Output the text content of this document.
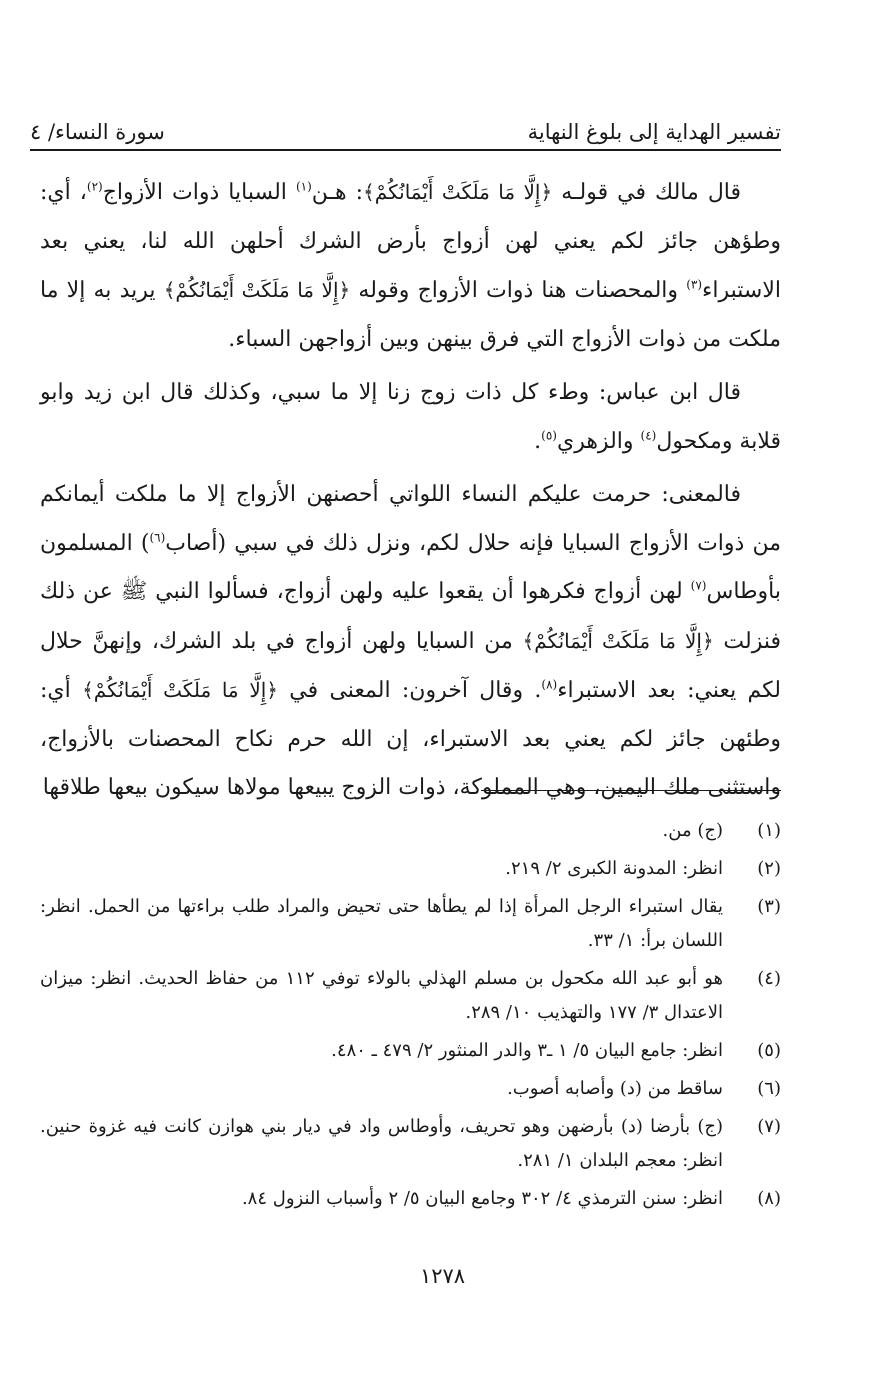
تفسير الهداية إلى بلوغ النهاية
سورة النساء/ ٤

قال مالك في قولـه ﴿إِلَّا مَا مَلَكَتْ أَيْمَانُكُمْ﴾: هـن$^{(١)}$ السبايا ذوات الأزواج$^{(٢)}$، أي: وطؤهن جائز لكم يعني لهن أزواج بأرض الشرك أحلهن الله لنا، يعني بعد الاستبراء$^{(٣)}$ والمحصنات هنا ذوات الأزواج وقوله ﴿إِلَّا مَا مَلَكَتْ أَيْمَانُكُمْ﴾ يريد به إلا ما ملكت من ذوات الأزواج التي فرق بينهن وبين أزواجهن السباء.

قال ابن عباس: وطء كل ذات زوج زنا إلا ما سبي، وكذلك قال ابن زيد وابو قلابة ومكحول$^{(٤)}$ والزهري$^{(٥)}$.

فالمعنى: حرمت عليكم النساء اللواتي أحصنهن الأزواج إلا ما ملكت أيمانكم من ذوات الأزواج السبايا فإنه حلال لكم، ونزل ذلك في سبي (أصاب$^{(٦)}$) المسلمون بأوطاس$^{(٧)}$ لهن أزواج فكرهوا أن يقعوا عليه ولهن أزواج، فسألوا النبي ﷺ عن ذلك فنزلت ﴿إِلَّا مَا مَلَكَتْ أَيْمَانُكُمْ﴾ من السبايا ولهن أزواج في بلد الشرك، وإنهنَّ حلال لكم يعني: بعد الاستبراء$^{(٨)}$. وقال آخرون: المعنى في ﴿إِلَّا مَا مَلَكَتْ أَيْمَانُكُمْ﴾ أي: وطئهن جائز لكم يعني بعد الاستبراء، إن الله حرم نكاح المحصنات بالأزواج، واستثنى ملك اليمين، وهي المملوكة، ذوات الزوج يبيعها مولاها سيكون بيعها طلاقها

(١)
(ج) من.
(٢)
انظر: المدونة الكبرى ٢/ ٢١٩.
(٣)
يقال استبراء الرجل المرأة إذا لم يطأها حتى تحيض والمراد طلب براءتها من الحمل. انظر: اللسان برأ: ١/ ٣٣.
(٤)
هو أبو عبد الله مكحول بن مسلم الهذلي بالولاء توفي ١١٢ من حفاظ الحديث. انظر: ميزان الاعتدال ٣/ ١٧٧ والتهذيب ١٠/ ٢٨٩.
(٥)
انظر: جامع البيان ٥/ ١ ـ٣ والدر المنثور ٢/ ٤٧٩ ـ ٤٨٠.
(٦)
ساقط من (د) وأصابه أصوب.
(٧)
(ج) بأرضا (د) بأرضهن وهو تحريف، وأوطاس واد في ديار بني هوازن كانت فيه غزوة حنين. انظر: معجم البلدان ١/ ٢٨١.
(٨)
انظر: سنن الترمذي ٤/ ٣٠٢ وجامع البيان ٥/ ٢ وأسباب النزول ٨٤.
١٢٧٨
